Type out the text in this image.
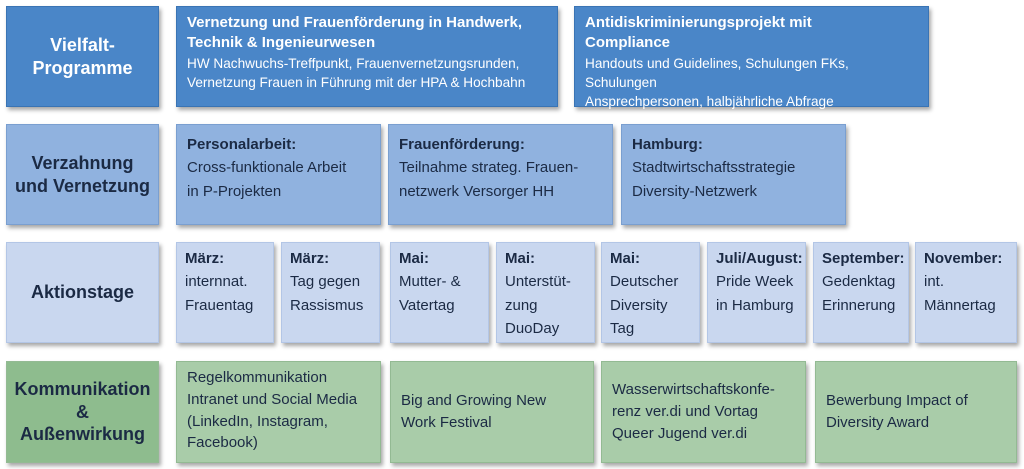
Vielfalt-
Programme
Vernetzung und Frauenförderung in Handwerk,
Technik & Ingenieurwesen
HW Nachwuchs-Treffpunkt, Frauenvernetzungsrunden,
Vernetzung Frauen in Führung mit der HPA & Hochbahn
Antidiskriminierungsprojekt mit
Compliance
Handouts und Guidelines, Schulungen FKs, Schulungen
Ansprechpersonen, halbjährliche Abfrage
Verzahnung
und Vernetzung
Personalarbeit:
Cross-funktionale Arbeit
in P-Projekten
Frauenförderung:
Teilnahme strateg. Frauen-
netzwerk Versorger HH
Hamburg:
Stadtwirtschaftsstrategie
Diversity-Netzwerk
Aktionstage
März:
internnat.
Frauentag
März:
Tag gegen
Rassismus
Mai:
Mutter- &
Vatertag
Mai:
Unterstüt-
zung
DuoDay
Mai:
Deutscher
Diversity
Tag
Juli/August:
Pride Week
in Hamburg
September:
Gedenktag
Erinnerung
November:
int.
Männertag
Kommunikation
&
Außenwirkung
Regelkommunikation
Intranet und Social Media
(LinkedIn, Instagram,
Facebook)
Big and Growing New
Work Festival
Wasserwirtschaftskonfe-
renz ver.di und Vortag
Queer Jugend ver.di
Bewerbung Impact of
Diversity Award
